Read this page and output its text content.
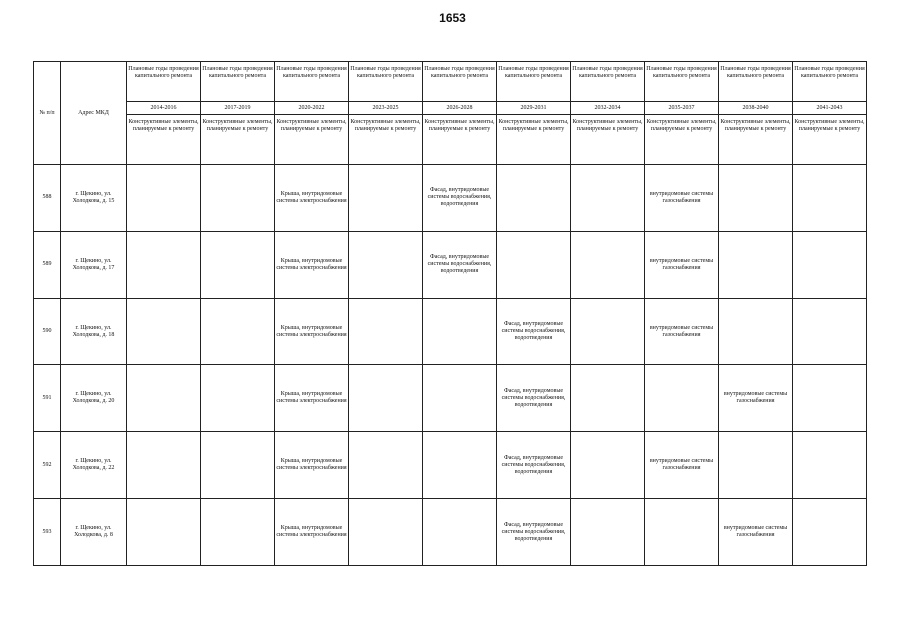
1653
№ п/п	Адрес МКД	Плановые годы проведения капитального ремонта	Плановые годы проведения капитального ремонта	Плановые годы проведения капитального ремонта	Плановые годы проведения капитального ремонта	Плановые годы проведения капитального ремонта	Плановые годы проведения капитального ремонта	Плановые годы проведения капитального ремонта	Плановые годы проведения капитального ремонта	Плановые годы проведения капитального ремонта	Плановые годы проведения капитального ремонта
		2014-2016	2017-2019	2020-2022	2023-2025	2026-2028	2029-2031	2032-2034	2035-2037	2038-2040	2041-2043
		Конструктивные элементы, планируемые к ремонту	Конструктивные элементы, планируемые к ремонту	Конструктивные элементы, планируемые к ремонту	Конструктивные элементы, планируемые к ремонту	Конструктивные элементы, планируемые к ремонту	Конструктивные элементы, планируемые к ремонту	Конструктивные элементы, планируемые к ремонту	Конструктивные элементы, планируемые к ремонту	Конструктивные элементы, планируемые к ремонту	Конструктивные элементы, планируемые к ремонту
588	г. Щекино, ул. Холодкова, д. 15			Крыша, внутридомовые системы электроснабжения		Фасад, внутридомовые системы водоснабжения, водоотведения			внутридомовые системы газоснабжения		
589	г. Щекино, ул. Холодкова, д. 17			Крыша, внутридомовые системы электроснабжения		Фасад, внутридомовые системы водоснабжения, водоотведения			внутридомовые системы газоснабжения		
590	г. Щекино, ул. Холодкова, д. 18			Крыша, внутридомовые системы электроснабжения			Фасад, внутридомовые системы водоснабжения, водоотведения		внутридомовые системы газоснабжения		
591	г. Щекино, ул. Холодкова, д. 20			Крыша, внутридомовые системы электроснабжения			Фасад, внутридомовые системы водоснабжения, водоотведения			внутридомовые системы газоснабжения	
592	г. Щекино, ул. Холодкова, д. 22			Крыша, внутридомовые системы электроснабжения			Фасад, внутридомовые системы водоснабжения, водоотведения		внутридомовые системы газоснабжения		
593	г. Щекино, ул. Холодкова, д. 8			Крыша, внутридомовые системы электроснабжения			Фасад, внутридомовые системы водоснабжения, водоотведения			внутридомовые системы газоснабжения	
